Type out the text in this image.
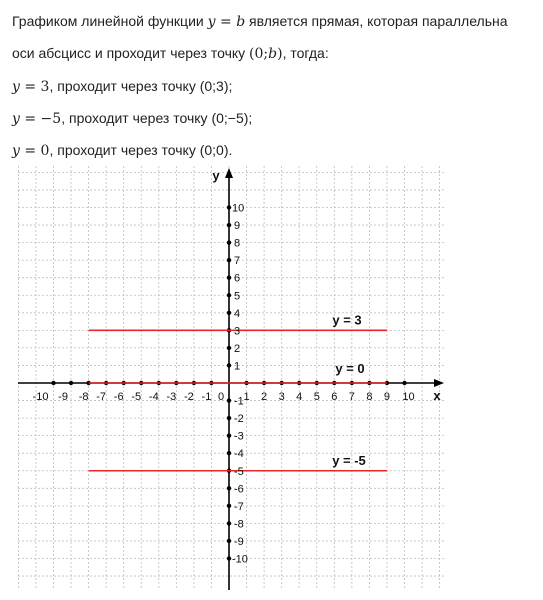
Графиком линейной функции y = b является прямая, которая параллельна
оси абсцисс и проходит через точку (0;b), тогда:
y = 3, проходит через точку (0;3);
y = −5, проходит через точку (0;−5);
y = 0, проходит через точку (0;0).
-10 -9 -8 -7 -6 -5 -4 -3 -2 -1	1 2 3 4 5 6 7 8 9 10
0
-10
-9
-8
-7
-6
-5
-4
-3
-2
-1
1
2
3
4
5
6
7
8
9
10
x
y
y = 3
y = 0
y = -5
